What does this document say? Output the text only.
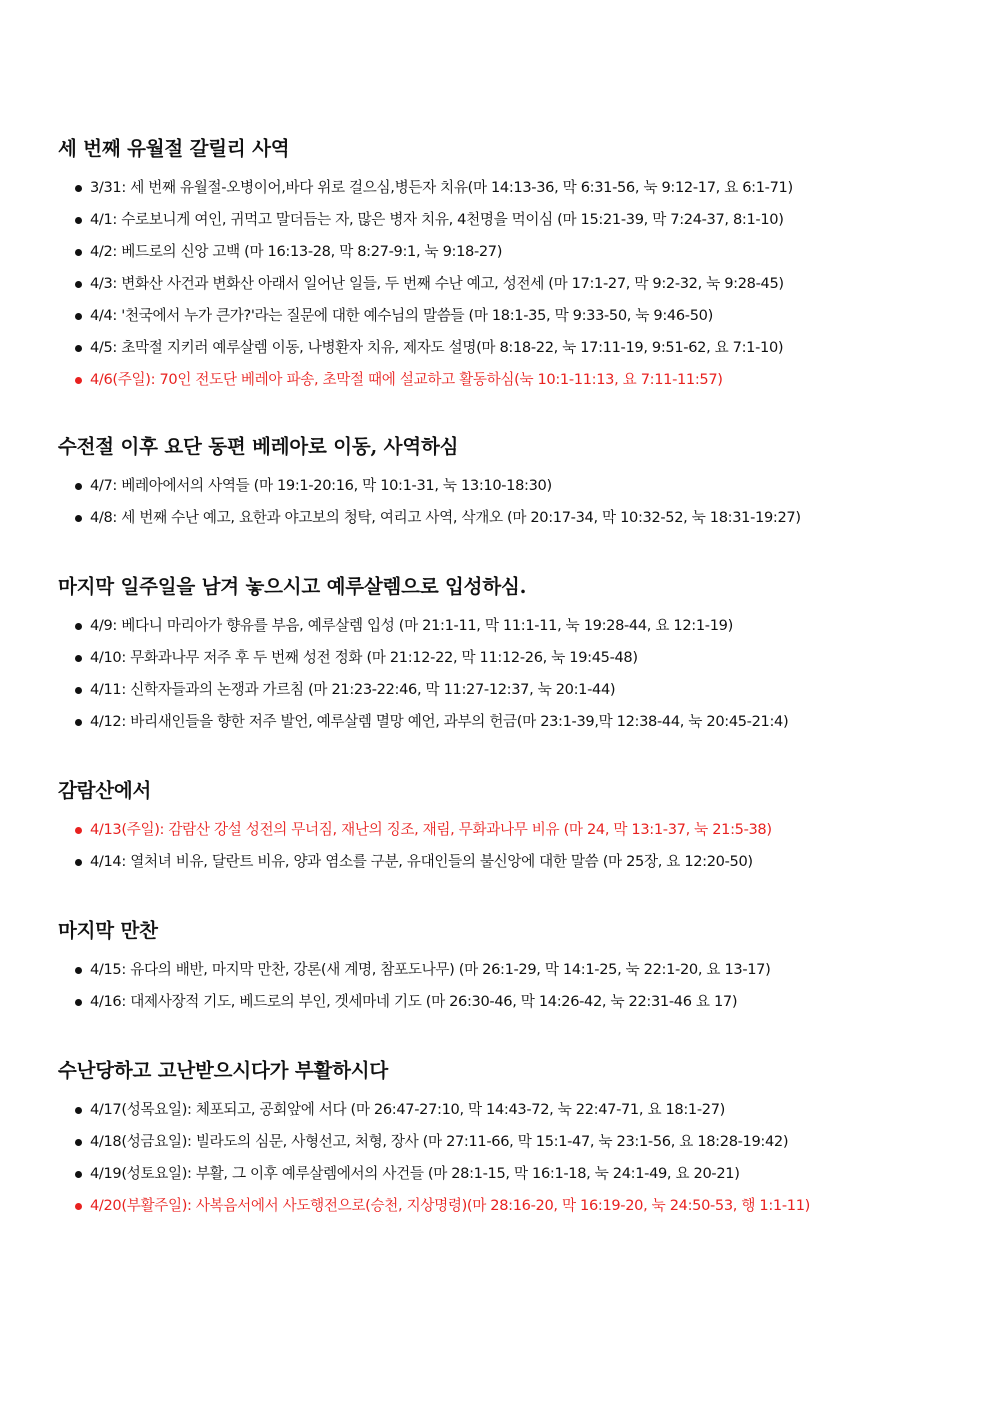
세 번째 유월절 갈릴리 사역
3/31: 세 번째 유월절-오병이어,바다 위로 걸으심,병든자 치유(마 14:13-36, 막 6:31-56, 눅 9:12-17, 요 6:1-71)
4/1: 수로보니게 여인, 귀먹고 말더듬는 자, 많은 병자 치유, 4천명을 먹이심 (마 15:21-39, 막 7:24-37, 8:1-10)
4/2: 베드로의 신앙 고백 (마 16:13-28, 막 8:27-9:1, 눅 9:18-27)
4/3: 변화산 사건과 변화산 아래서 일어난 일들, 두 번째 수난 예고, 성전세 (마 17:1-27, 막 9:2-32, 눅 9:28-45)
4/4: '천국에서 누가 큰가?'라는 질문에 대한 예수님의 말씀들 (마 18:1-35, 막 9:33-50, 눅 9:46-50)
4/5: 초막절 지키러 예루살렘 이동, 나병환자 치유, 제자도 설명(마 8:18-22, 눅 17:11-19, 9:51-62, 요 7:1-10)
4/6(주일): 70인 전도단 베레아 파송, 초막절 때에 설교하고 활동하심(눅 10:1-11:13, 요 7:11-11:57)
수전절 이후 요단 동편 베레아로 이동, 사역하심
4/7: 베레아에서의 사역들 (마 19:1-20:16, 막 10:1-31, 눅 13:10-18:30)
4/8: 세 번째 수난 예고, 요한과 야고보의 청탁, 여리고 사역, 삭개오 (마 20:17-34, 막 10:32-52, 눅 18:31-19:27)
마지막 일주일을 남겨 놓으시고 예루살렘으로 입성하심.
4/9: 베다니 마리아가 향유를 부음, 예루살렘 입성 (마 21:1-11, 막 11:1-11, 눅 19:28-44, 요 12:1-19)
4/10: 무화과나무 저주 후 두 번째 성전 정화 (마 21:12-22, 막 11:12-26, 눅 19:45-48)
4/11: 신학자들과의 논쟁과 가르침 (마 21:23-22:46, 막 11:27-12:37, 눅 20:1-44)
4/12: 바리새인들을 향한 저주 발언, 예루살렘 멸망 예언, 과부의 헌금(마 23:1-39,막 12:38-44, 눅 20:45-21:4)
감람산에서
4/13(주일): 감람산 강설 성전의 무너짐, 재난의 징조, 재림, 무화과나무 비유 (마 24, 막 13:1-37, 눅 21:5-38)
4/14: 열처녀 비유, 달란트 비유, 양과 염소를 구분, 유대인들의 불신앙에 대한 말씀 (마 25장, 요 12:20-50)
마지막 만찬
4/15: 유다의 배반, 마지막 만찬, 강론(새 계명, 참포도나무) (마 26:1-29, 막 14:1-25, 눅 22:1-20, 요 13-17)
4/16: 대제사장적 기도, 베드로의 부인, 겟세마네 기도 (마 26:30-46, 막 14:26-42, 눅 22:31-46 요 17)
수난당하고 고난받으시다가 부활하시다
4/17(성목요일): 체포되고, 공회앞에 서다 (마 26:47-27:10, 막 14:43-72, 눅 22:47-71, 요 18:1-27)
4/18(성금요일): 빌라도의 심문, 사형선고, 처형, 장사 (마 27:11-66, 막 15:1-47, 눅 23:1-56, 요 18:28-19:42)
4/19(성토요일): 부활, 그 이후 예루살렘에서의 사건들 (마 28:1-15, 막 16:1-18, 눅 24:1-49, 요 20-21)
4/20(부활주일): 사복음서에서 사도행전으로(승천, 지상명령)(마 28:16-20, 막 16:19-20, 눅 24:50-53, 행 1:1-11)
